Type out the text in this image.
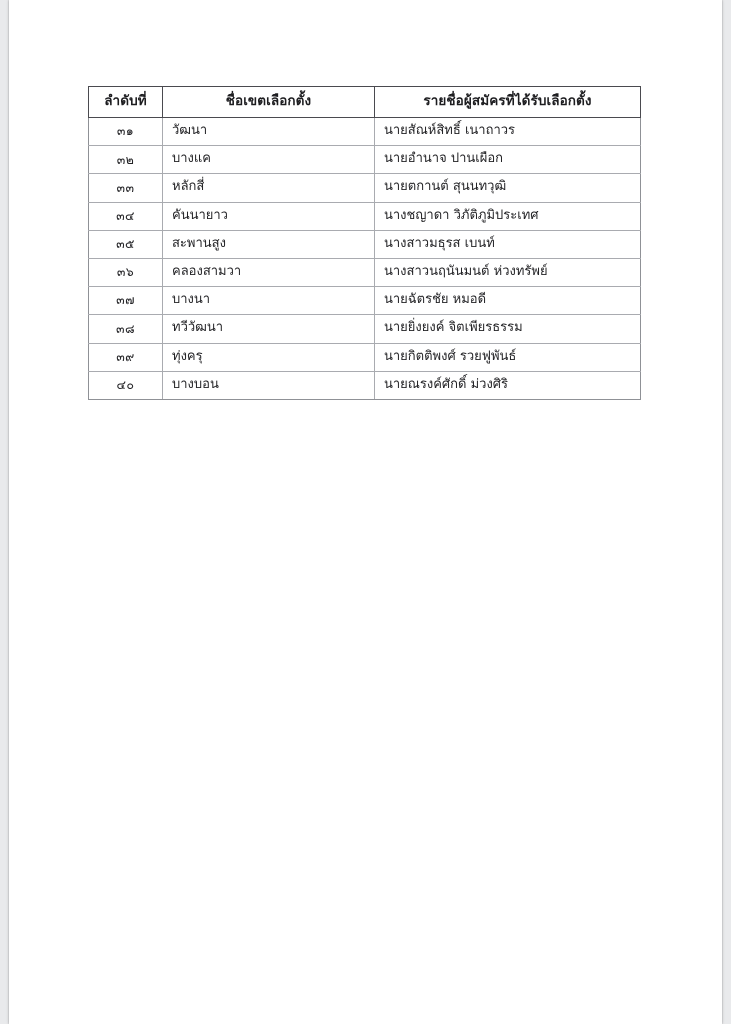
ลำดับที่	ชื่อเขตเลือกตั้ง	รายชื่อผู้สมัครที่ได้รับเลือกตั้ง
๓๑	วัฒนา	นายสัณห์สิทธิ์ เนาถาวร
๓๒	บางแค	นายอำนาจ ปานเผือก
๓๓	หลักสี่	นายตกานต์ สุนนทวุฒิ
๓๔	คันนายาว	นางชญาดา วิภัติภูมิประเทศ
๓๕	สะพานสูง	นางสาวมธุรส เบนท์
๓๖	คลองสามวา	นางสาวนฤนันมนต์ ห่วงทรัพย์
๓๗	บางนา	นายฉัตรชัย หมอดี
๓๘	ทวีวัฒนา	นายยิ่งยงค์ จิตเพียรธรรม
๓๙	ทุ่งครุ	นายกิตติพงศ์ รวยฟูพันธ์
๔๐	บางบอน	นายณรงค์ศักดิ์ ม่วงศิริ
